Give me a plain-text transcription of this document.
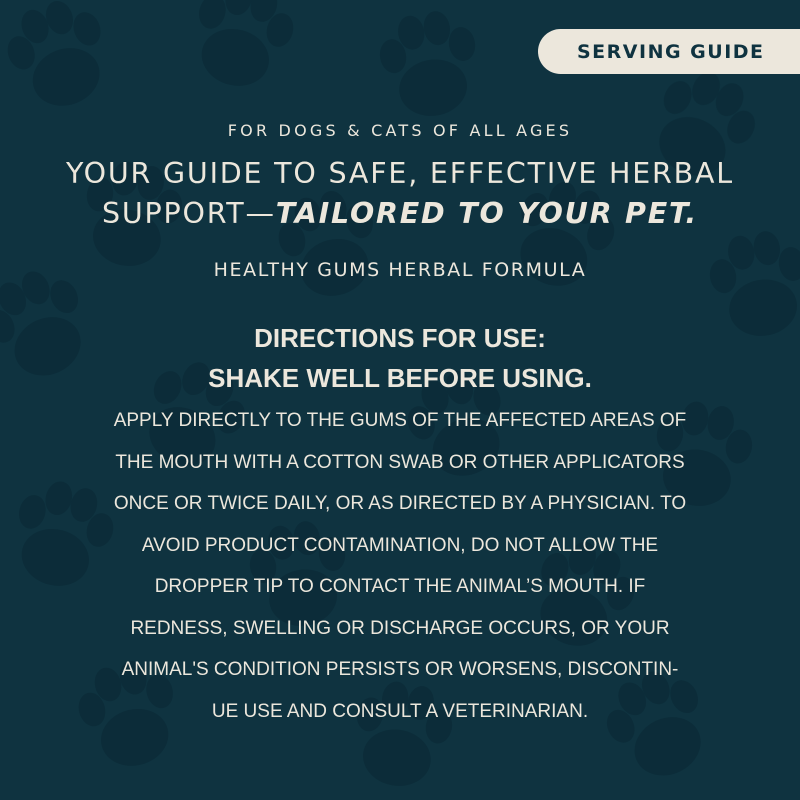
SERVING GUIDE
FOR DOGS & CATS OF ALL AGES
YOUR GUIDE TO SAFE, EFFECTIVE HERBAL
SUPPORT—TAILORED TO YOUR PET.
HEALTHY GUMS HERBAL FORMULA
DIRECTIONS FOR USE:
SHAKE WELL BEFORE USING.
APPLY DIRECTLY TO THE GUMS OF THE AFFECTED AREAS OF
THE MOUTH WITH A COTTON SWAB OR OTHER APPLICATORS
ONCE OR TWICE DAILY, OR AS DIRECTED BY A PHYSICIAN. TO
AVOID PRODUCT CONTAMINATION, DO NOT ALLOW THE
DROPPER TIP TO CONTACT THE ANIMAL’S MOUTH. IF
REDNESS, SWELLING OR DISCHARGE OCCURS, OR YOUR
ANIMAL'S CONDITION PERSISTS OR WORSENS, DISCONTIN-
UE USE AND CONSULT A VETERINARIAN.
